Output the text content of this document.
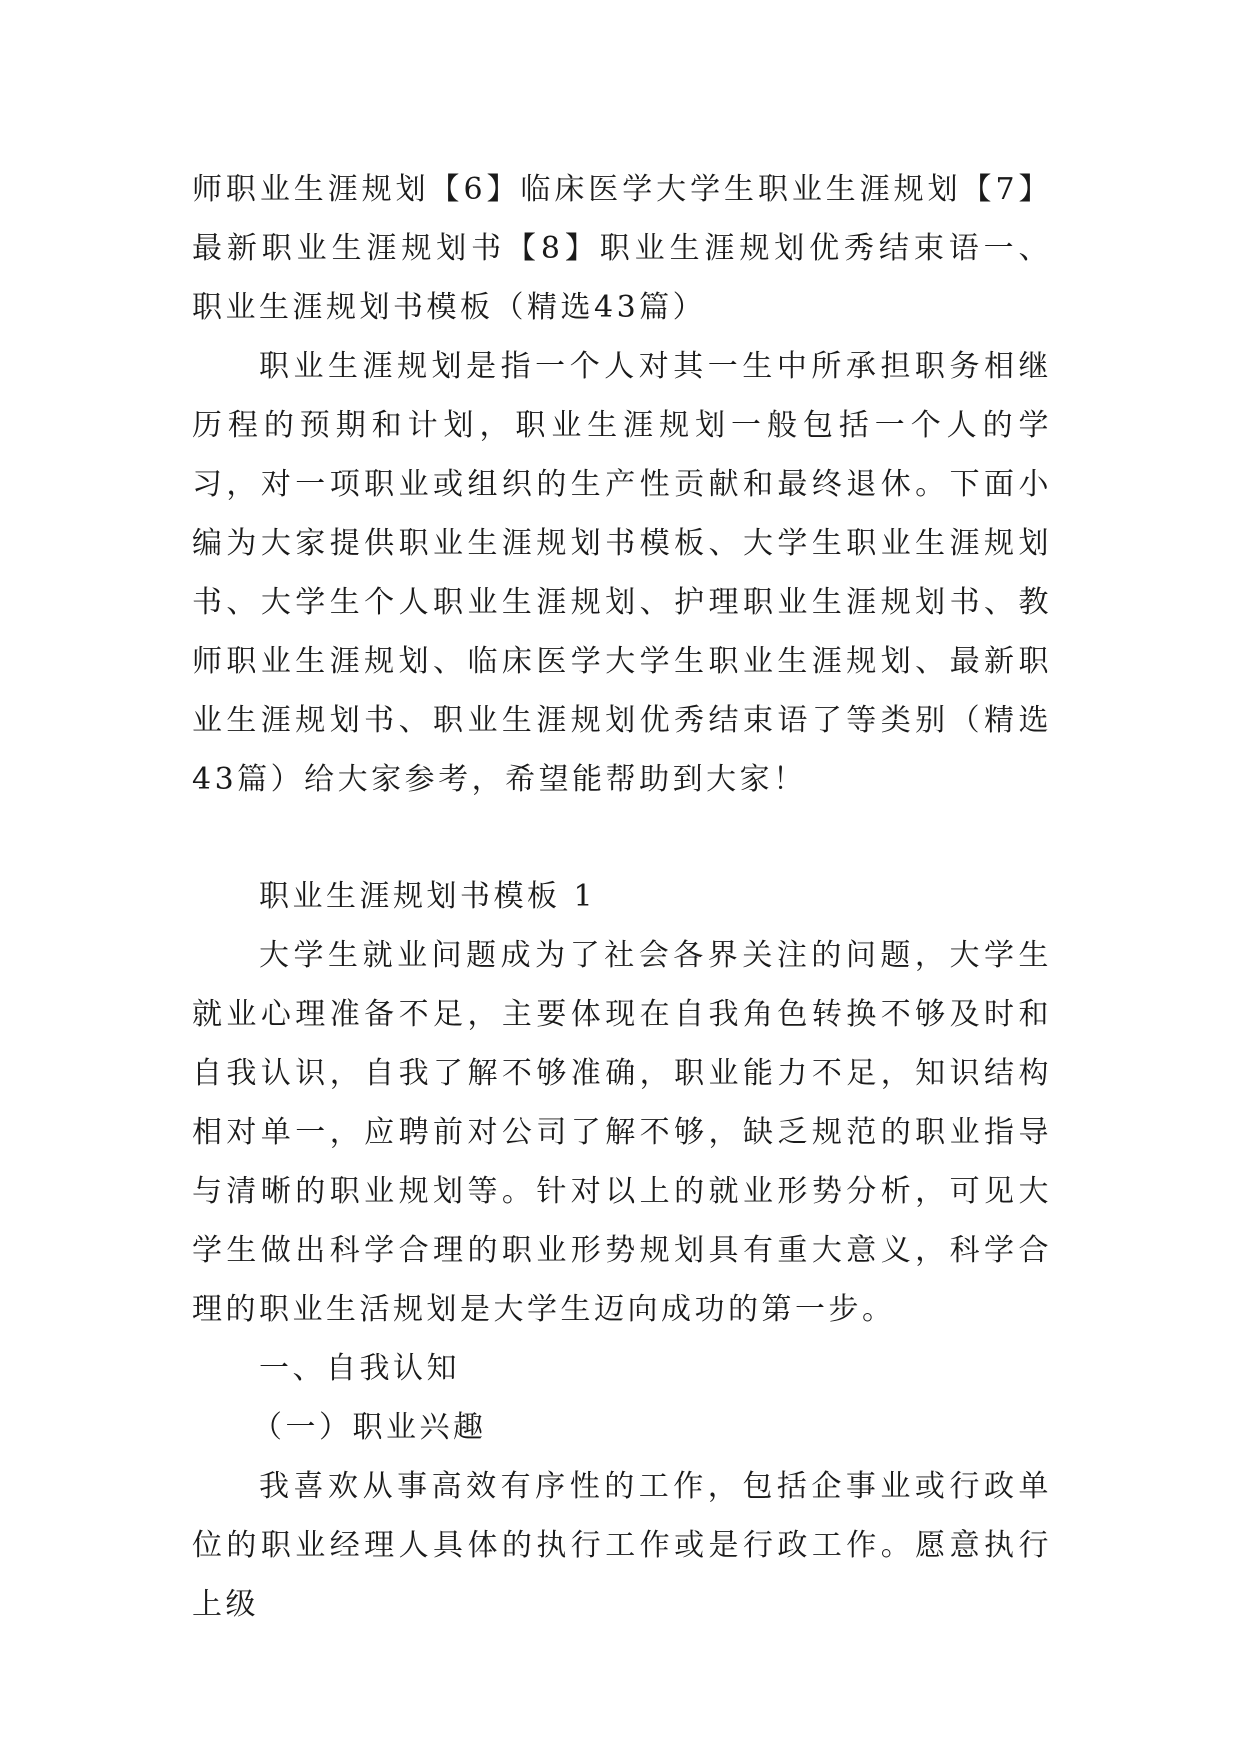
师职业生涯规划【6】临床医学大学生职业生涯规划【7】最新职业生涯规划书【8】职业生涯规划优秀结束语一、职业生涯规划书模板（精选43篇）

职业生涯规划是指一个人对其一生中所承担职务相继历程的预期和计划，职业生涯规划一般包括一个人的学习，对一项职业或组织的生产性贡献和最终退休。下面小编为大家提供职业生涯规划书模板、大学生职业生涯规划书、大学生个人职业生涯规划、护理职业生涯规划书、教师职业生涯规划、临床医学大学生职业生涯规划、最新职业生涯规划书、职业生涯规划优秀结束语了等类别（精选43篇）给大家参考，希望能帮助到大家！

职业生涯规划书模板 1

大学生就业问题成为了社会各界关注的问题，大学生就业心理准备不足，主要体现在自我角色转换不够及时和自我认识，自我了解不够准确，职业能力不足，知识结构相对单一，应聘前对公司了解不够，缺乏规范的职业指导与清晰的职业规划等。针对以上的就业形势分析，可见大学生做出科学合理的职业形势规划具有重大意义，科学合理的职业生活规划是大学生迈向成功的第一步。

一、自我认知

（一）职业兴趣

我喜欢从事高效有序性的工作，包括企事业或行政单位的职业经理人具体的执行工作或是行政工作。愿意执行上级
